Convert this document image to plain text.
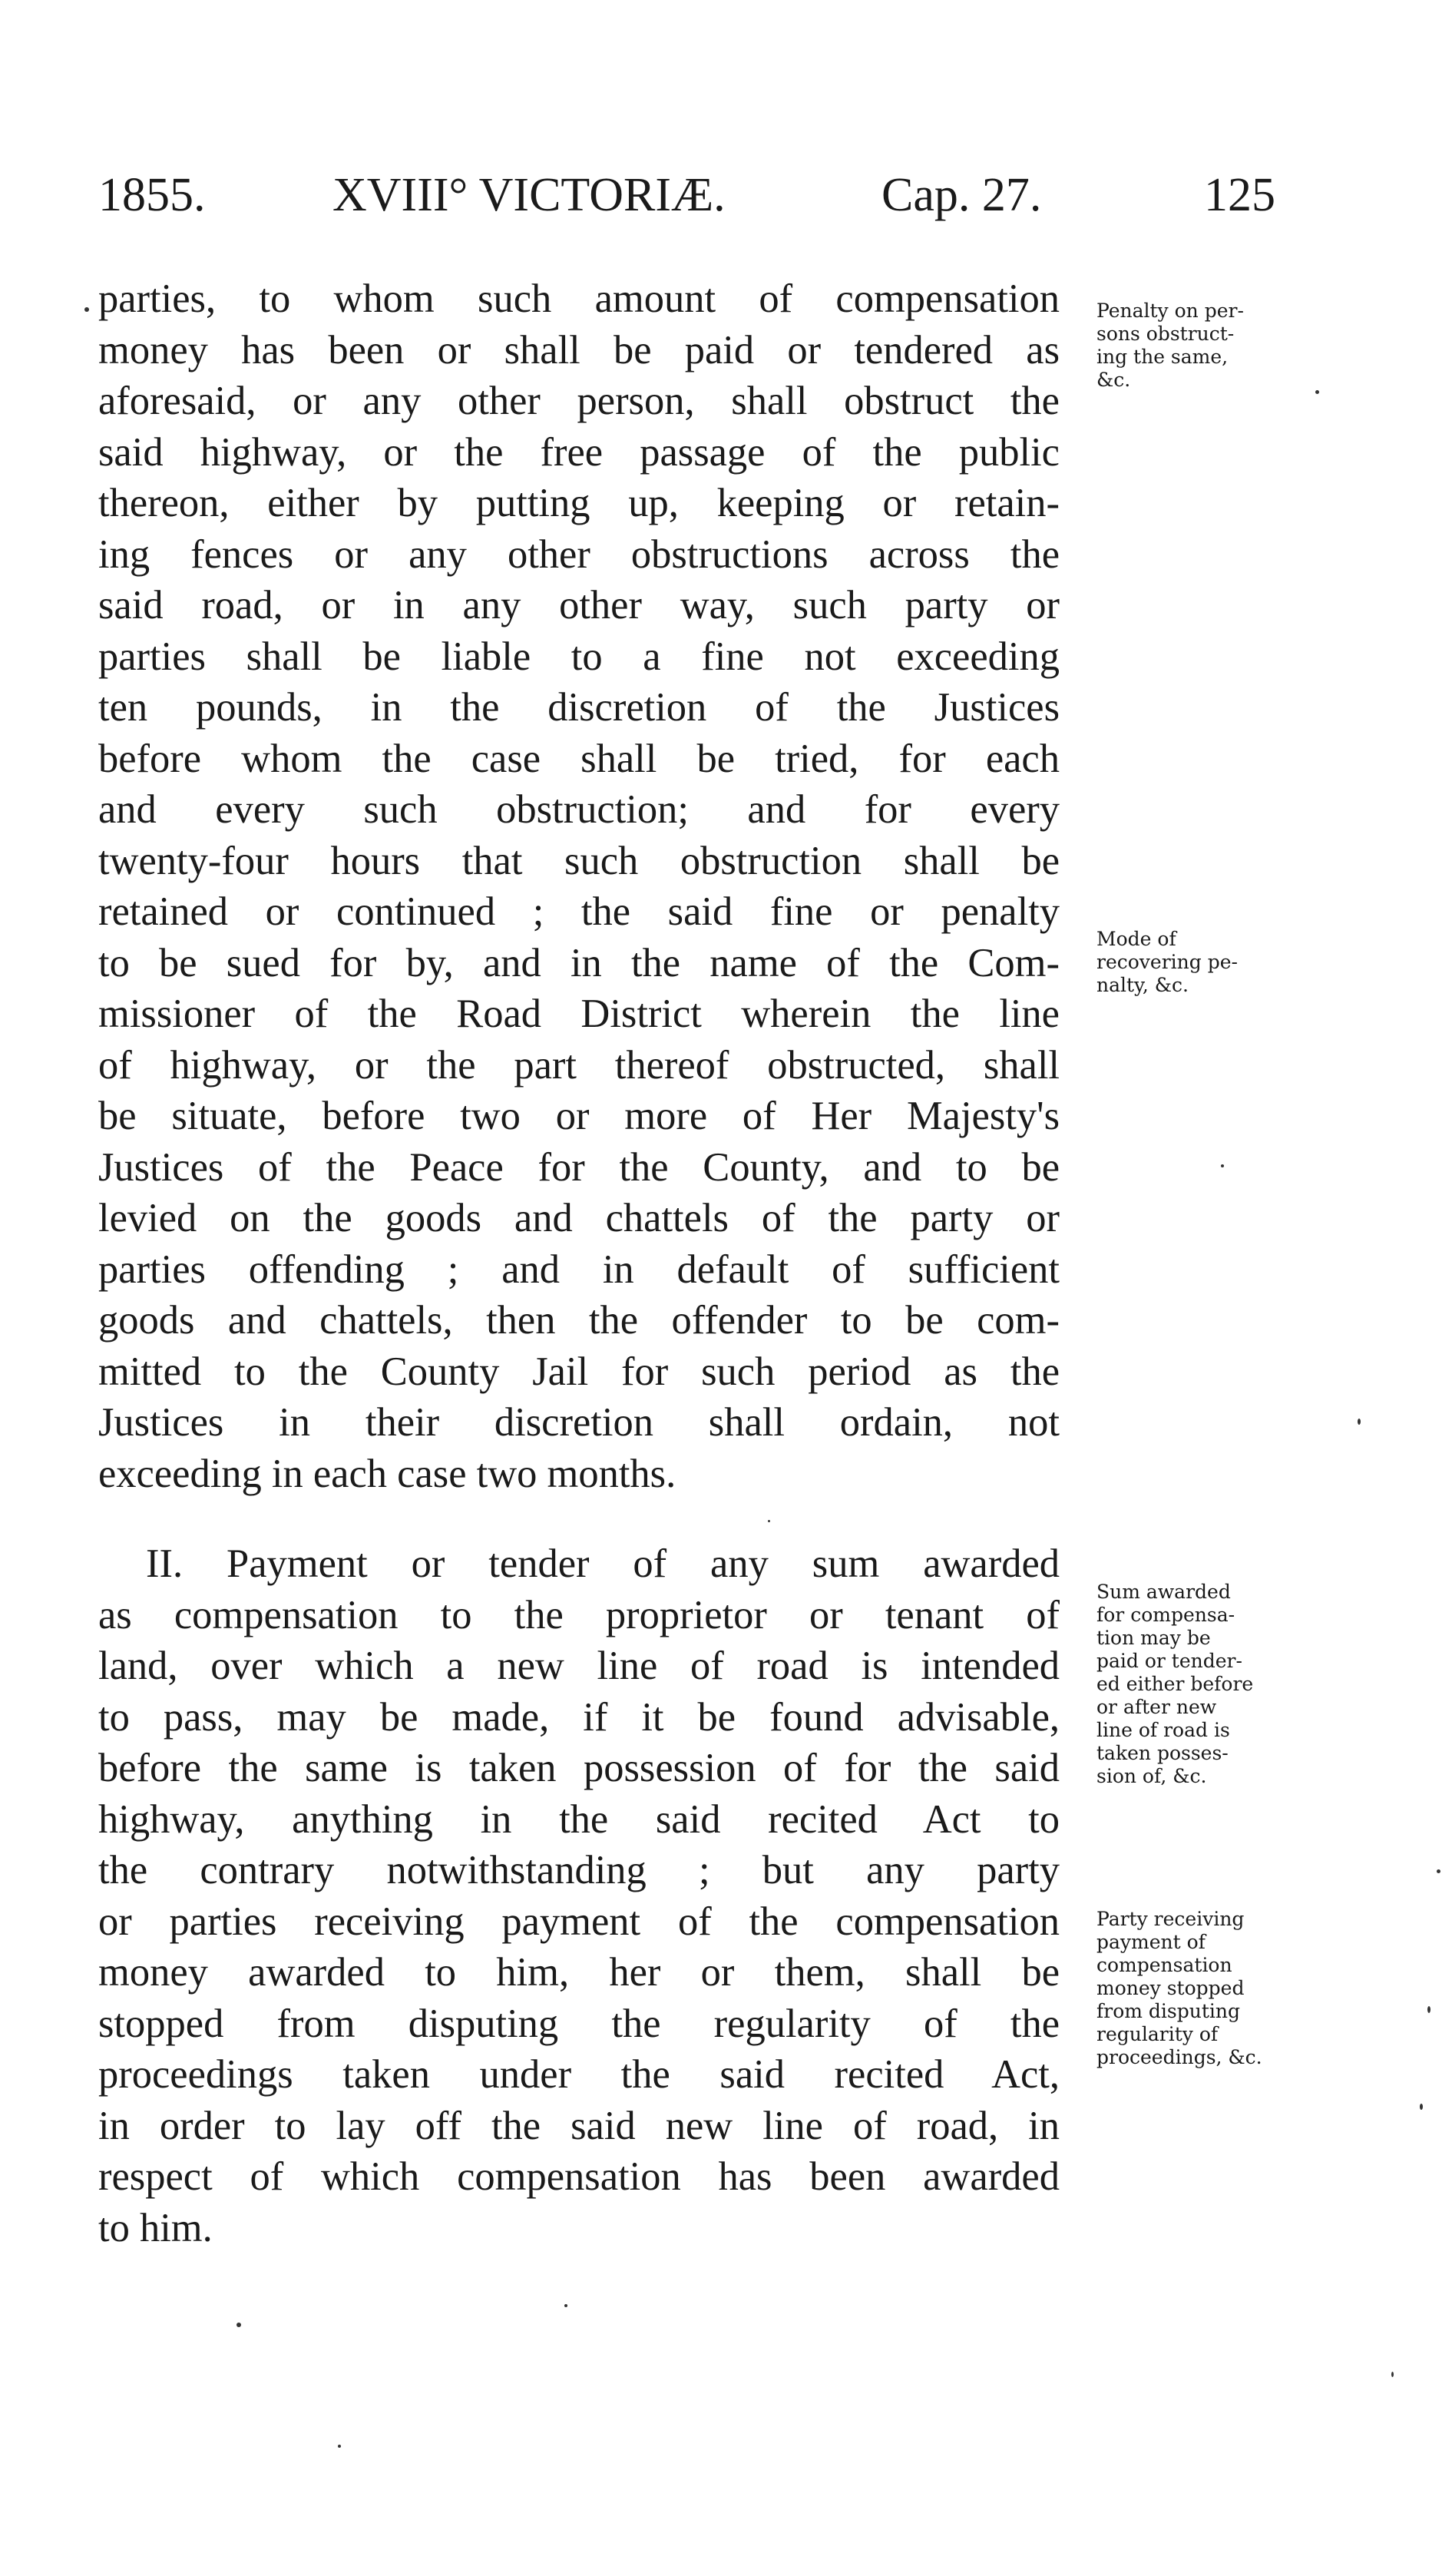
1855.	XVIII° VICTORIÆ.	Cap. 27.	125
parties, to whom such amount of compensation
money has been or shall be paid or tendered as
aforesaid, or any other person, shall obstruct the
said highway, or the free passage of the public
thereon, either by putting up, keeping or retain-
ing fences or any other obstructions across the
said road, or in any other way, such party or
parties shall be liable to a fine not exceeding
ten pounds, in the discretion of the Justices
before whom the case shall be tried, for each
and every such obstruction; and for every
twenty-four hours that such obstruction shall be
retained or continued ; the said fine or penalty
to be sued for by, and in the name of the Com-
missioner of the Road District wherein the line
of highway, or the part thereof obstructed, shall
be situate, before two or more of Her Majesty's
Justices of the Peace for the County, and to be
levied on the goods and chattels of the party or
parties offending ; and in default of sufficient
goods and chattels, then the offender to be com-
mitted to the County Jail for such period as the
Justices in their discretion shall ordain, not
exceeding in each case two months.
II. Payment or tender of any sum awarded
as compensation to the proprietor or tenant of
land, over which a new line of road is intended
to pass, may be made, if it be found advisable,
before the same is taken possession of for the said
highway, anything in the said recited Act to
the contrary notwithstanding ; but any party
or parties receiving payment of the compensation
money awarded to him, her or them, shall be
stopped from disputing the regularity of the
proceedings taken under the said recited Act,
in order to lay off the said new line of road, in
respect of which compensation has been awarded
to him.
Penalty on per-
sons obstruct-
ing the same,
&c.
Mode of
recovering pe-
nalty, &c.
Sum awarded
for compensa-
tion may be
paid or tender-
ed either before
or after new
line of road is
taken posses-
sion of, &c.
Party receiving
payment of
compensation
money stopped
from disputing
regularity of
proceedings, &c.
